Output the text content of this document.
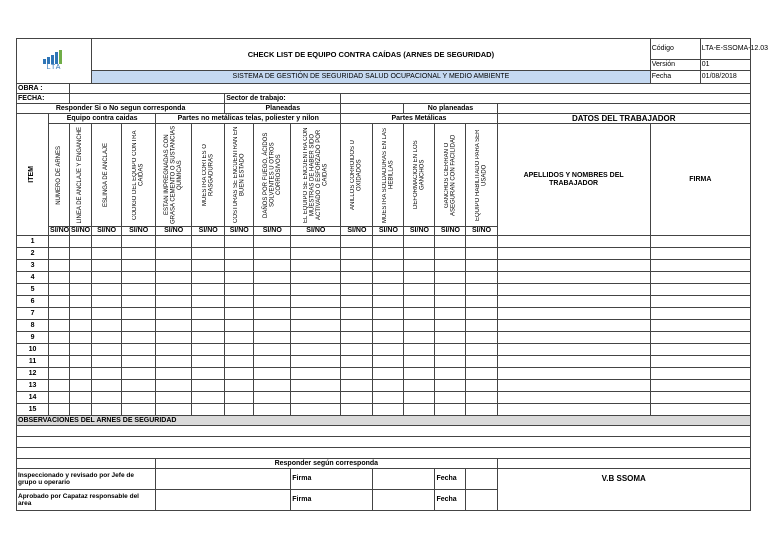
LTA			CHECK LIST DE EQUIPO CONTRA CAÍDAS (ARNES DE SEGURIDAD)													Código	LTA-E-SSOMA-12.03
																Versión	01
			SISTEMA DE GESTIÓN DE SEGURIDAD SALUD OCUPACIONAL Y MEDIO AMBIENTE													Fecha	01/08/2018
OBRA :																	
FECHA:							Sector de trabajo:										
Responder Si o No segun corresponda							Planeadas					No planeadas					

ITEM	Equipo contra caidas				Partes no metálicas telas, poliester y nilon					Partes Metálicas					DATOS DEL TRABAJADOR		

	NUMERO DE ARNES	LINEA DE ANCLAJE Y ENGANCHE	ESLINGA DE ANCLAJE	CODIGO DEL EQUIPO CONTRA CAIDAS	ESTAN IMPREGNADAS CON GRASA CEMENTO O SUSTANCIAS QUIMICAS	MUESTRA CORTES O RASGADURAS	COSTURAS SE ENCUENTRAN EN BUEN ESTADO	DAÑOS POR FUEGO, ÁCIDOS SOLVENTES U OTROS CORROSIVOS	EL EQUIPO SE ENCUENTRA CON MUESTRAS DE HABER SIDO ACTIVADO O ESFORZADO POR CAIDAS	ANILLOS CORROIDOS U OXIDADOS	MUESTRA SOLDADURAS EN LAS HEBILLAS	DEFORMACION EN LOS GANCHOS	GANCHOS CIERRAN O ASEGURAN CON FACILIDAD	EQUIPO HABILITADO PARA SER USADO	APELLIDOS Y NOMBRES DEL TRABAJADOR	FIRMA	
	SI/NO	SI/NO	SI/NO	SI/NO	SI/NO	SI/NO	SI/NO	SI/NO	SI/NO	SI/NO	SI/NO	SI/NO	SI/NO	SI/NO			
1																	
2																	
3																	
4																	
5																	
6																	
7																	
8																	
9																	
10																	
11																	
12																	
13																	
14																	
15																	
OBSERVACIONES DEL ARNES DE SEGURIDAD																	

					Responder según corresponda												
Inspeccionado y revisado por Jefe de grupo u operario									Firma				Fecha		V.B SSOMA		
Aprobado por Capataz responsable del area									Firma				Fecha				
